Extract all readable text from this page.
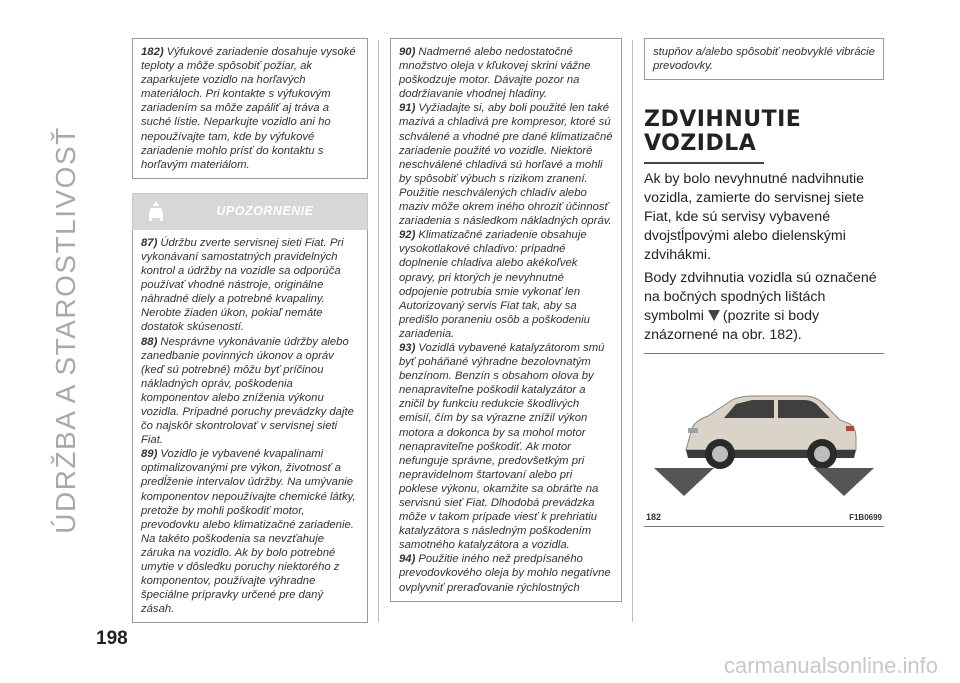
ÚDRŽBA A STAROSTLIVOSŤ

182) Výfukové zariadenie dosahuje vysoké teploty a môže spôsobiť požiar, ak zaparkujete vozidlo na horľavých materiáloch. Pri kontakte s výfukovým zariadením sa môže zapáliť aj tráva a suché lístie. Neparkujte vozidlo ani ho nepoužívajte tam, kde by výfukové zariadenie mohlo prísť do kontaktu s horľavým materiálom.

UPOZORNENIE

87) Údržbu zverte servisnej sieti Fiat. Pri vykonávaní samostatných pravidelných kontrol a údržby na vozidle sa odporúča používať vhodné nástroje, originálne náhradné diely a potrebné kvapaliny. Nerobte žiaden úkon, pokiaľ nemáte dostatok skúseností.

88) Nesprávne vykonávanie údržby alebo zanedbanie povinných úkonov a opráv (keď sú potrebné) môžu byť príčinou nákladných opráv, poškodenia komponentov alebo zníženia výkonu vozidla. Prípadné poruchy prevádzky dajte čo najskôr skontrolovať v servisnej sieti Fiat.

89) Vozidlo je vybavené kvapalinami optimalizovanými pre výkon, životnosť a predĺženie intervalov údržby. Na umývanie komponentov nepoužívajte chemické látky, pretože by mohli poškodiť motor, prevodovku alebo klimatizačné zariadenie. Na takéto poškodenia sa nevzťahuje záruka na vozidlo. Ak by bolo potrebné umytie v dôsledku poruchy niektorého z komponentov, používajte výhradne špeciálne prípravky určené pre daný zásah.

90) Nadmerné alebo nedostatočné množstvo oleja v kľukovej skrini vážne poškodzuje motor. Dávajte pozor na dodržiavanie vhodnej hladiny.

91) Vyžiadajte si, aby boli použité len také mazivá a chladivá pre kompresor, ktoré sú schválené a vhodné pre dané klimatizačné zariadenie použité vo vozidle. Niektoré neschválené chladivá sú horľavé a mohli by spôsobiť výbuch s rizikom zranení. Použitie neschválených chladív alebo maziv môže okrem iného ohroziť účinnosť zariadenia s následkom nákladných opráv.

92) Klimatizačné zariadenie obsahuje vysokotlakové chladivo: prípadné doplnenie chladiva alebo akékoľvek opravy, pri ktorých je nevyhnutné odpojenie potrubia smie vykonať len Autorizovaný servis Fiat tak, aby sa predišlo poraneniu osôb a poškodeniu zariadenia.

93) Vozidlá vybavené katalyzátorom smú byť poháňané výhradne bezolovnatým benzínom. Benzín s obsahom olova by nenapraviteľne poškodil katalyzátor a zničil by funkciu redukcie škodlivých emisií, čím by sa výrazne znížil výkon motora a dokonca by sa mohol motor nenapraviteľne poškodiť. Ak motor nefunguje správne, predovšetkým pri nepravidelnom štartovaní alebo pri poklese výkonu, okamžite sa obráťte na servisnú sieť Fiat. Dlhodobá prevádzka môže v takom prípade viesť k prehriatiu katalyzátora s následným poškodením samotného katalyzátora a vozidla.

94) Použitie iného než predpísaného prevodovkového oleja by mohlo negatívne ovplyvniť preraďovanie rýchlostných

stupňov a/alebo spôsobiť neobvyklé vibrácie prevodovky.

ZDVIHNUTIE VOZIDLA

Ak by bolo nevyhnutné nadvihnutie vozidla, zamierte do servisnej siete Fiat, kde sú servisy vybavené dvojstĺpovými alebo dielenskými zdvihákmi.

Body zdvihnutia vozidla sú označené na bočných spodných lištách symbolmi (pozrite si body znázornené na obr. 182).

182	F1B0699
198
carmanualsonline.info
